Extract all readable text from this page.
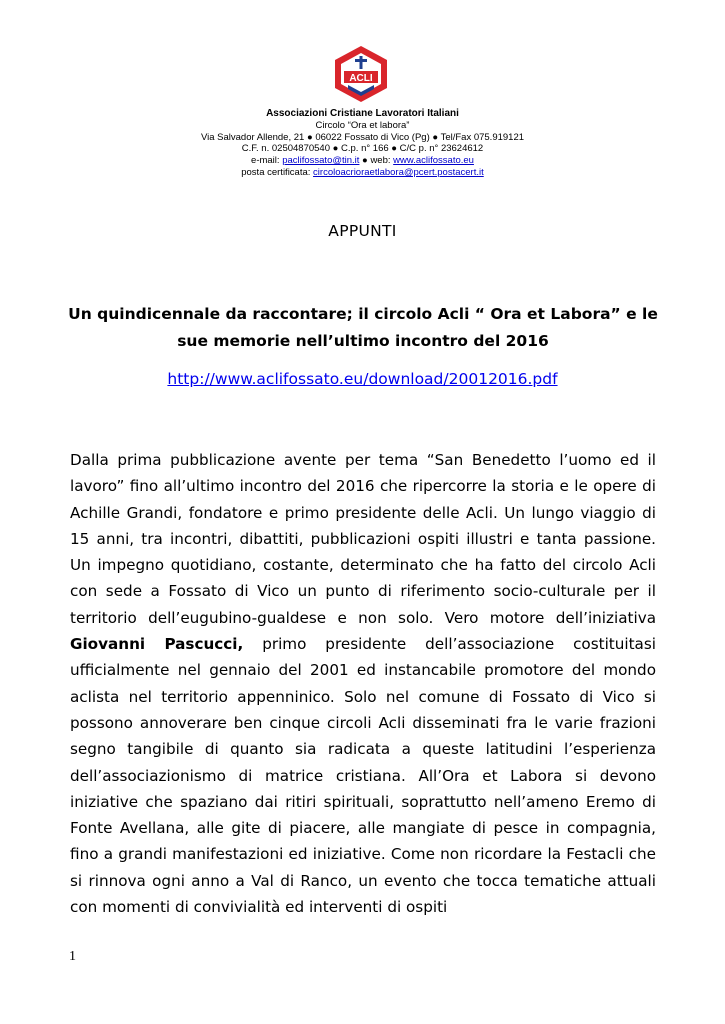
ACLI
Associazioni Cristiane Lavoratori Italiani
Circolo “Ora et labora”
Via Salvador Allende, 21 ● 06022 Fossato di Vico (Pg) ● Tel/Fax 075.919121
C.F. n. 02504870540 ● C.p. n° 166 ● C/C p. n° 23624612
e-mail: paclifossato@tin.it ● web: www.aclifossato.eu
posta certificata: circoloacrioraetlabora@pcert.postacert.it
APPUNTI
Un quindicennale da raccontare; il circolo Acli “ Ora et Labora” e le sue memorie nell’ultimo incontro del 2016
http://www.aclifossato.eu/download/20012016.pdf
Dalla prima pubblicazione avente per tema “San Benedetto l’uomo ed il lavoro” fino all’ultimo incontro del 2016 che ripercorre la storia e le opere di Achille Grandi, fondatore e primo presidente delle Acli. Un lungo viaggio di 15 anni, tra incontri, dibattiti, pubblicazioni ospiti illustri e tanta passione. Un impegno quotidiano, costante, determinato che ha fatto del circolo Acli con sede a Fossato di Vico un punto di riferimento socio-culturale per il territorio dell’eugubino-gualdese e non solo. Vero motore dell’iniziativa Giovanni Pascucci, primo presidente dell’associazione costituitasi ufficialmente nel gennaio del 2001 ed instancabile promotore del mondo aclista nel territorio appenninico. Solo nel comune di Fossato di Vico si possono annoverare ben cinque circoli Acli disseminati fra le varie frazioni segno tangibile di quanto sia radicata a queste latitudini l’esperienza dell’associazionismo di matrice cristiana. All’Ora et Labora si devono iniziative che spaziano dai ritiri spirituali, soprattutto nell’ameno Eremo di Fonte Avellana, alle gite di piacere, alle mangiate di pesce in compagnia, fino a grandi manifestazioni ed iniziative. Come non ricordare la Festacli che si rinnova ogni anno a Val di Ranco, un evento che tocca tematiche attuali con momenti di convivialità ed interventi di ospiti
1
